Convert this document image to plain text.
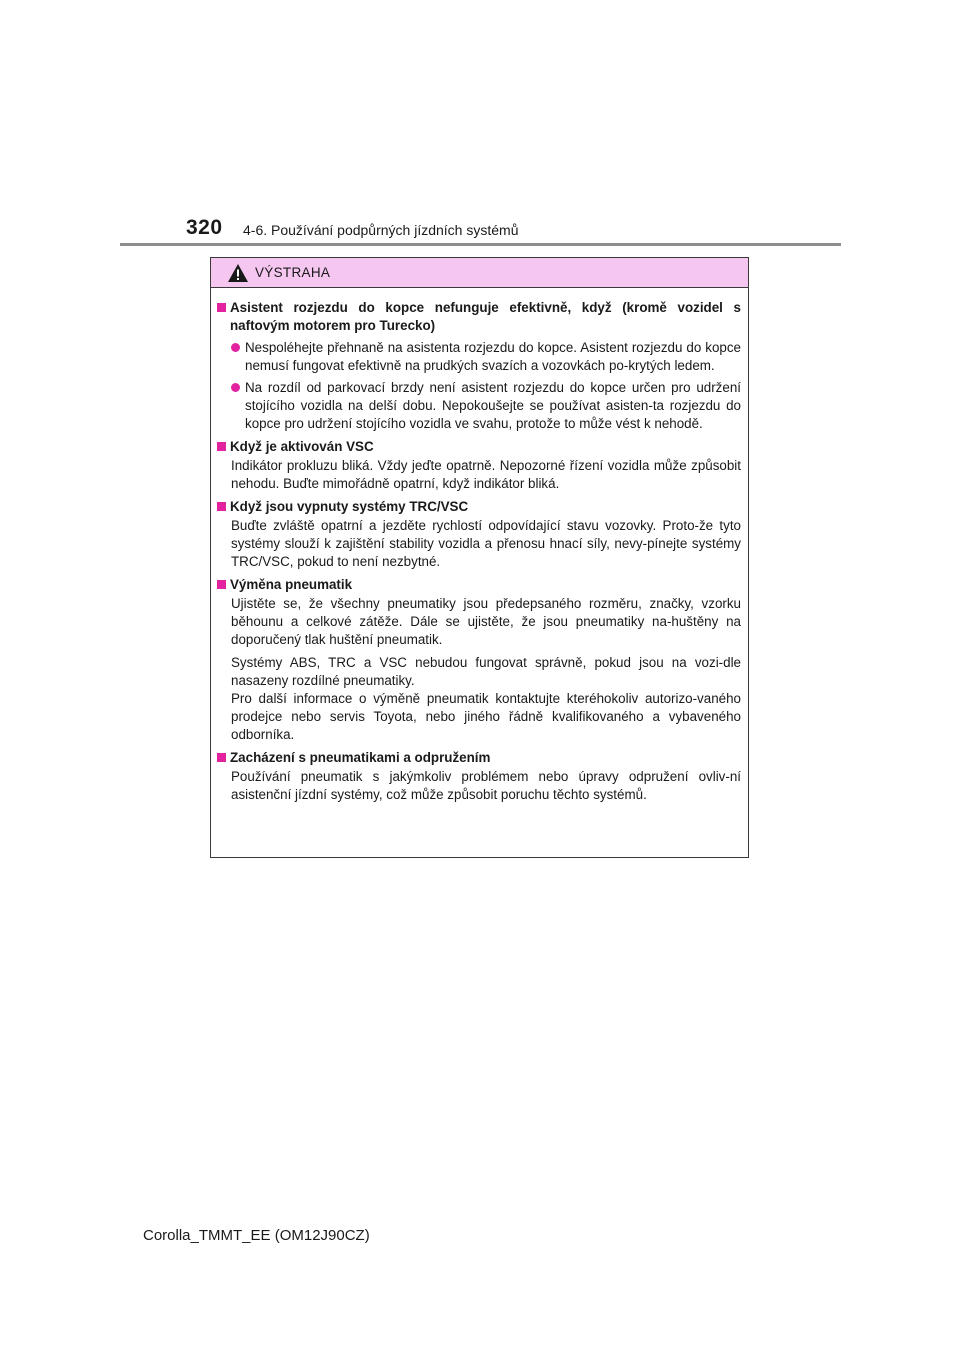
320 4-6. Používání podpůrných jízdních systémů
VÝSTRAHA
Asistent rozjezdu do kopce nefunguje efektivně, když (kromě vozidel s naftovým motorem pro Turecko)
Nespoléhejte přehnaně na asistenta rozjezdu do kopce. Asistent rozjezdu do kopce nemusí fungovat efektivně na prudkých svazích a vozovkách po-krytých ledem.
Na rozdíl od parkovací brzdy není asistent rozjezdu do kopce určen pro udržení stojícího vozidla na delší dobu. Nepokoušejte se používat asisten-ta rozjezdu do kopce pro udržení stojícího vozidla ve svahu, protože to může vést k nehodě.
Když je aktivován VSC
Indikátor prokluzu bliká. Vždy jeďte opatrně. Nepozorné řízení vozidla může způsobit nehodu. Buďte mimořádně opatrní, když indikátor bliká.
Když jsou vypnuty systémy TRC/VSC
Buďte zvláště opatrní a jezděte rychlostí odpovídající stavu vozovky. Proto-že tyto systémy slouží k zajištění stability vozidla a přenosu hnací síly, nevy-pínejte systémy TRC/VSC, pokud to není nezbytné.
Výměna pneumatik
Ujistěte se, že všechny pneumatiky jsou předepsaného rozměru, značky, vzorku běhounu a celkové zátěže. Dále se ujistěte, že jsou pneumatiky na-huštěny na doporučený tlak huštění pneumatik.
Systémy ABS, TRC a VSC nebudou fungovat správně, pokud jsou na vozi-dle nasazeny rozdílné pneumatiky.
Pro další informace o výměně pneumatik kontaktujte kteréhokoliv autorizo-vaného prodejce nebo servis Toyota, nebo jiného řádně kvalifikovaného a vybaveného odborníka.
Zacházení s pneumatikami a odpružením
Používání pneumatik s jakýmkoliv problémem nebo úpravy odpružení ovliv-ní asistenční jízdní systémy, což může způsobit poruchu těchto systémů.
Corolla_TMMT_EE (OM12J90CZ)
